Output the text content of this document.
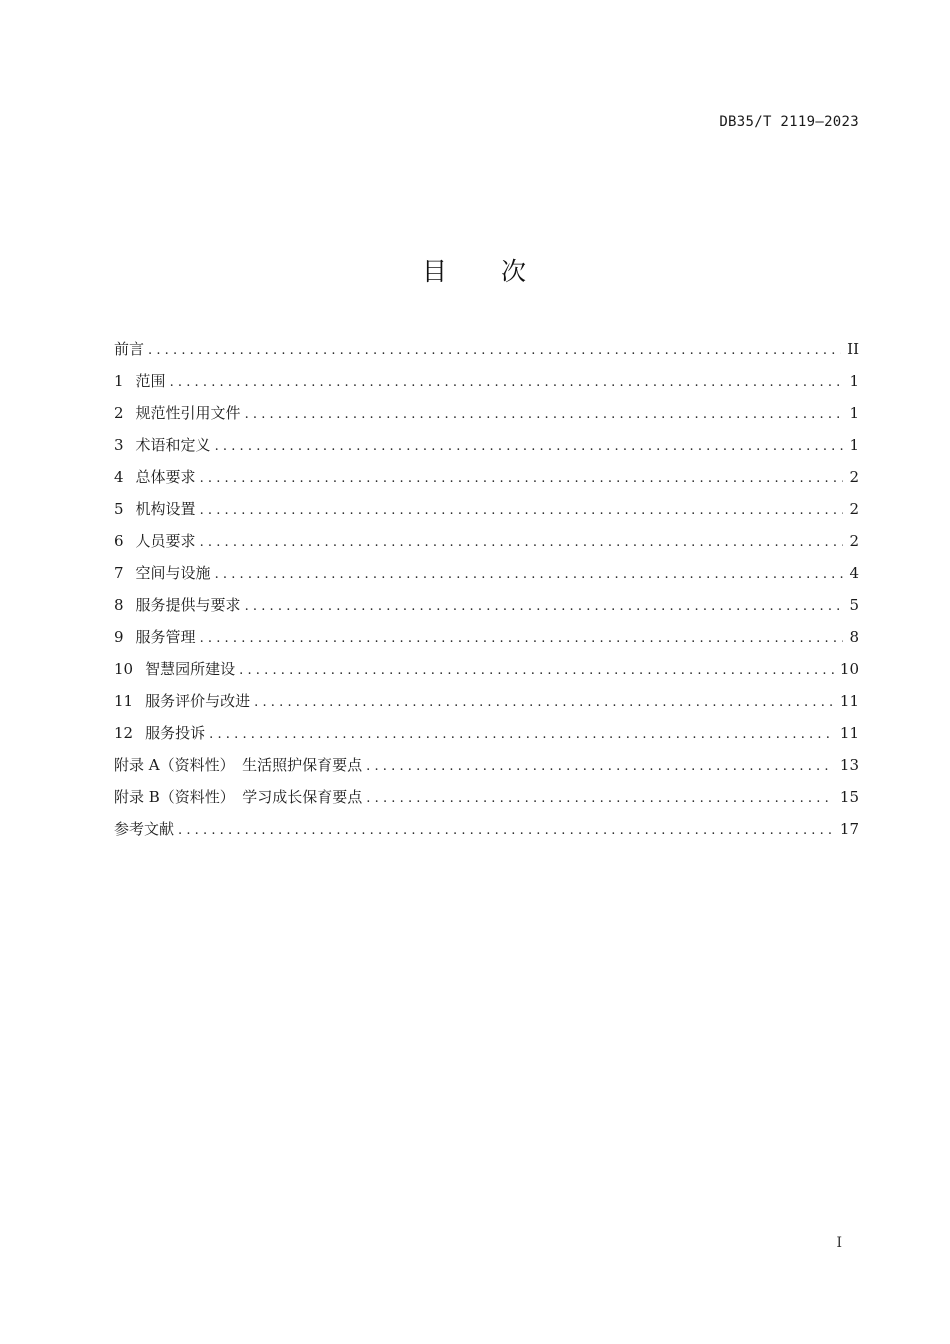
DB35/T 2119—2023
目 次
前言 .....	II
1 范围 .....	1
2 规范性引用文件 .....	1
3 术语和定义 .....	1
4 总体要求 .....	2
5 机构设置 .....	2
6 人员要求 .....	2
7 空间与设施 .....	4
8 服务提供与要求 .....	5
9 服务管理 .....	8
10 智慧园所建设 .....	10
11 服务评价与改进 .....	11
12 服务投诉 .....	11
附录 A（资料性）　生活照护保育要点 .....	13
附录 B（资料性）　学习成长保育要点 .....	15
参考文献 .....	17
I
